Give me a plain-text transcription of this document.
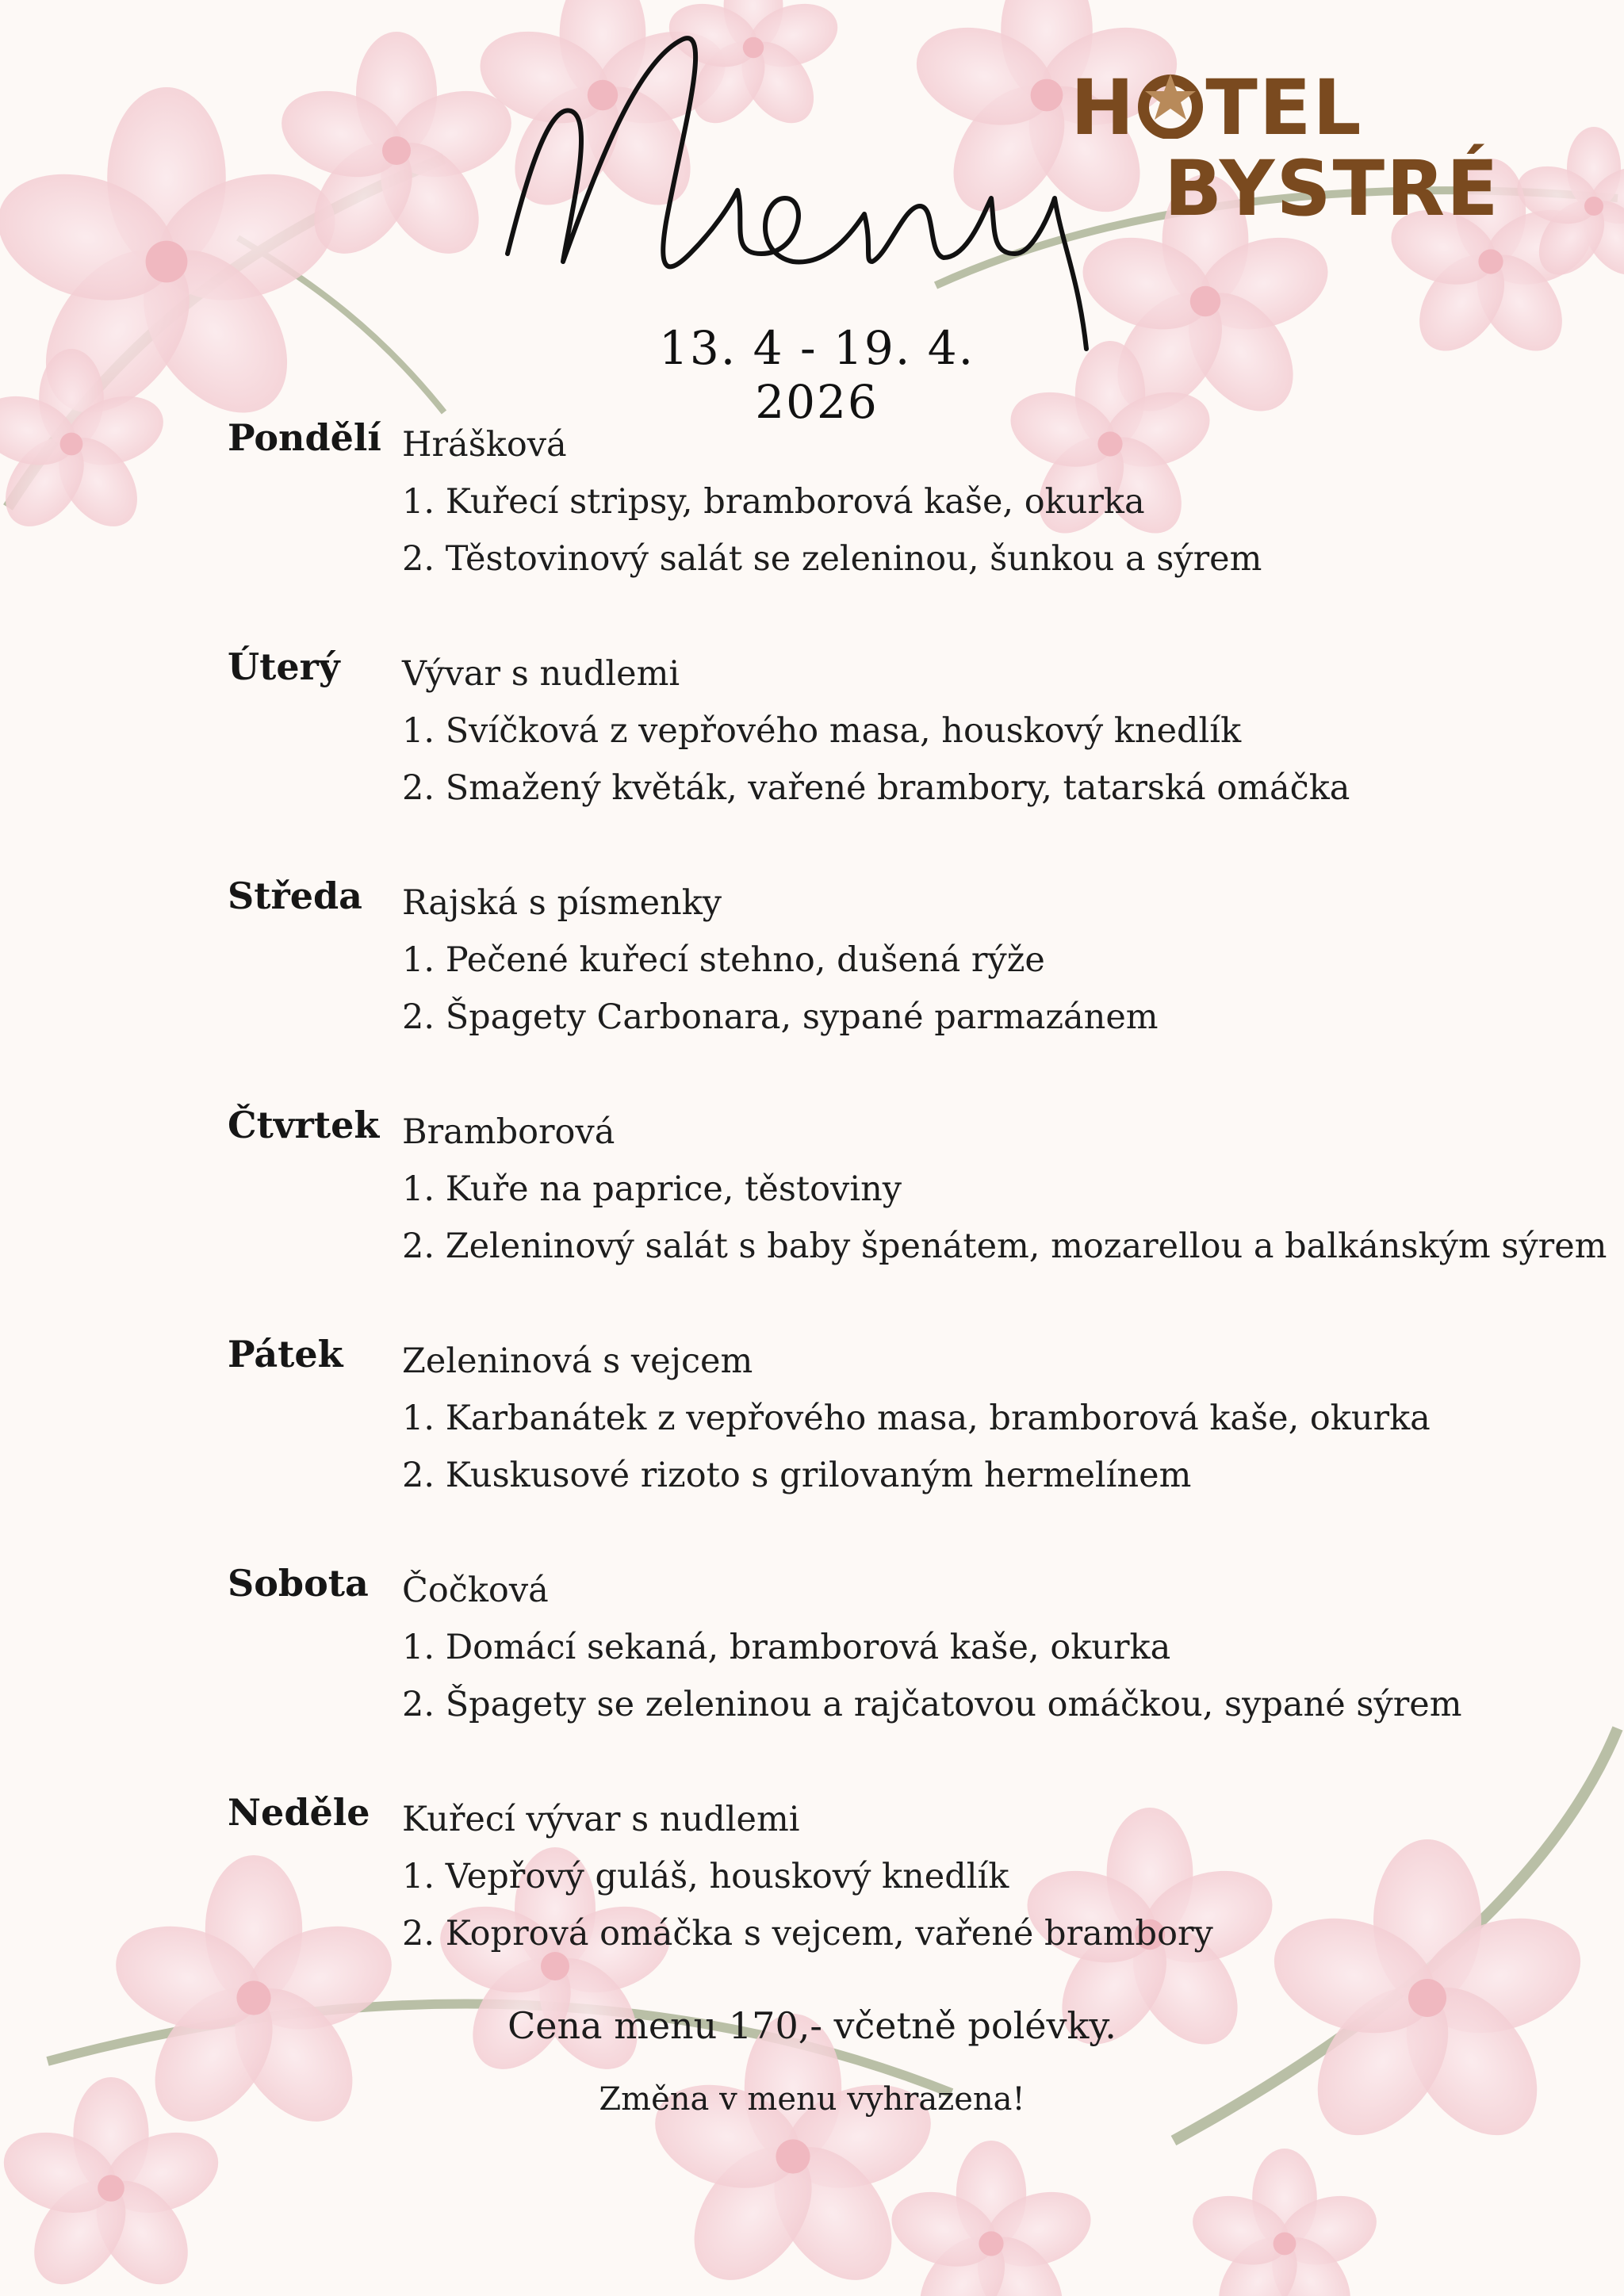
13. 4 - 19. 4. 2026
H TEL
BYSTRÉ
Pondělí Hrášková
1. Kuřecí stripsy, bramborová kaše, okurka
2. Těstovinový salát se zeleninou, šunkou a sýrem
Úterý Vývar s nudlemi
1. Svíčková z vepřového masa, houskový knedlík
2. Smažený květák, vařené brambory, tatarská omáčka
Středa Rajská s písmenky
1. Pečené kuřecí stehno, dušená rýže
2. Špagety Carbonara, sypané parmazánem
Čtvrtek Bramborová
1. Kuře na paprice, těstoviny
2. Zeleninový salát s baby špenátem, mozarellou a balkánským sýrem
Pátek Zeleninová s vejcem
1. Karbanátek z vepřového masa, bramborová kaše, okurka
2. Kuskusové rizoto s grilovaným hermelínem
Sobota Čočková
1. Domácí sekaná, bramborová kaše, okurka
2. Špagety se zeleninou a rajčatovou omáčkou, sypané sýrem
Neděle Kuřecí vývar s nudlemi
1. Vepřový guláš, houskový knedlík
2. Koprová omáčka s vejcem, vařené brambory
Cena menu 170,- včetně polévky.
Změna v menu vyhrazena!
